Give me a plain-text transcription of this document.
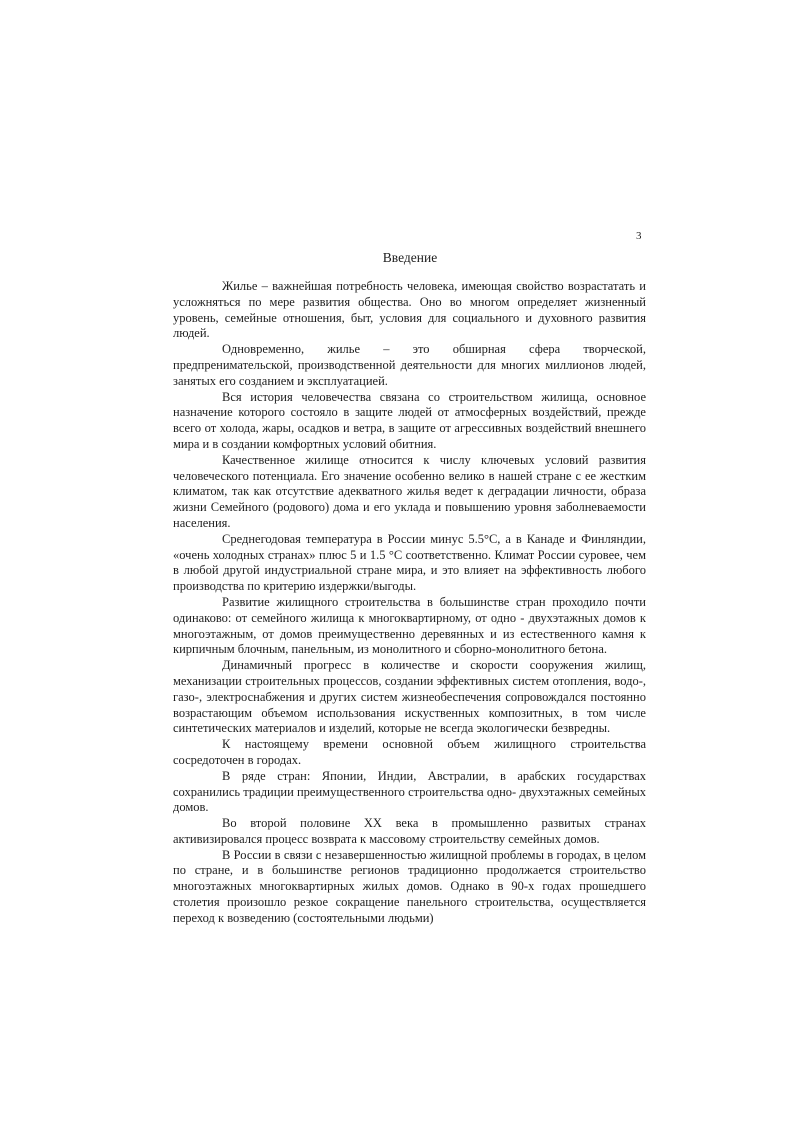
3
Введение

Жилье – важнейшая потребность человека, имеющая свойство возрастатать и усложняться по мере развития общества. Оно во многом определяет жизненный уровень, семейные отношения, быт, условия для социального и духовного развития людей.

Одновременно, жилье – это обширная сфера творческой, предпренимательской, производственной деятельности для многих миллионов людей, занятых его созданием и эксплуатацией.

Вся история человечества связана со строительством жилища, основное назначение которого состояло в защите людей от атмосферных воздействий, прежде всего от холода, жары, осадков и ветра, в защите от агрессивных воздействий внешнего мира и в создании комфортных условий обитния.

Качественное жилище относится к числу ключевых условий развития человеческого потенциала. Его значение особенно велико в нашей стране с ее жестким климатом, так как отсутствие адекватного жилья ведет к деградации личности, образа жизни Семейного (родового) дома и его уклада и повышению уровня заболневаемости населения.

Среднегодовая температура в России минус 5.5°С, а в Канаде и Финляндии, «очень холодных странах» плюс 5 и 1.5 °С соответственно. Климат России суровее, чем в любой другой индустриальной стране мира, и это влияет на эффективность любого производства по критерию издержки/выгоды.

Развитие жилищного строительства в большинстве стран проходило почти одинаково: от семейного жилища к многоквартирному, от одно - двухэтажных домов к многоэтажным, от домов преимущественно деревянных и из естественного камня к кирпичным блочным, панельным, из монолитного и сборно-монолитного бетона.

Динамичный прогресс в количестве и скорости сооружения жилищ, механизации строительных процессов, создании эффективных систем отопления, водо-, газо-, электроснабжения и других систем жизнеобеспечения сопровождался постоянно возрастающим объемом использования искуственных композитных, в том числе синтетических материалов и изделий, которые не всегда экологически безвредны.

К настоящему времени основной объем жилищного строительства сосредоточен в городах.

В ряде стран: Японии, Индии, Австралии, в арабских государствах сохранились традиции преимущественного строительства одно- двухэтажных семейных домов.

Во второй половине ХХ века в промышленно развитых странах активизировался процесс возврата к массовому строительству семейных домов.

В России в связи с незавершенностью жилищной проблемы в городах, в целом по стране, и в большинстве регионов традиционно продолжается строительство многоэтажных многоквартирных жилых домов. Однако в 90-х годах прошедшего столетия произошло резкое сокращение панельного строительства, осуществляется переход к возведению (состоятельными людьми)
